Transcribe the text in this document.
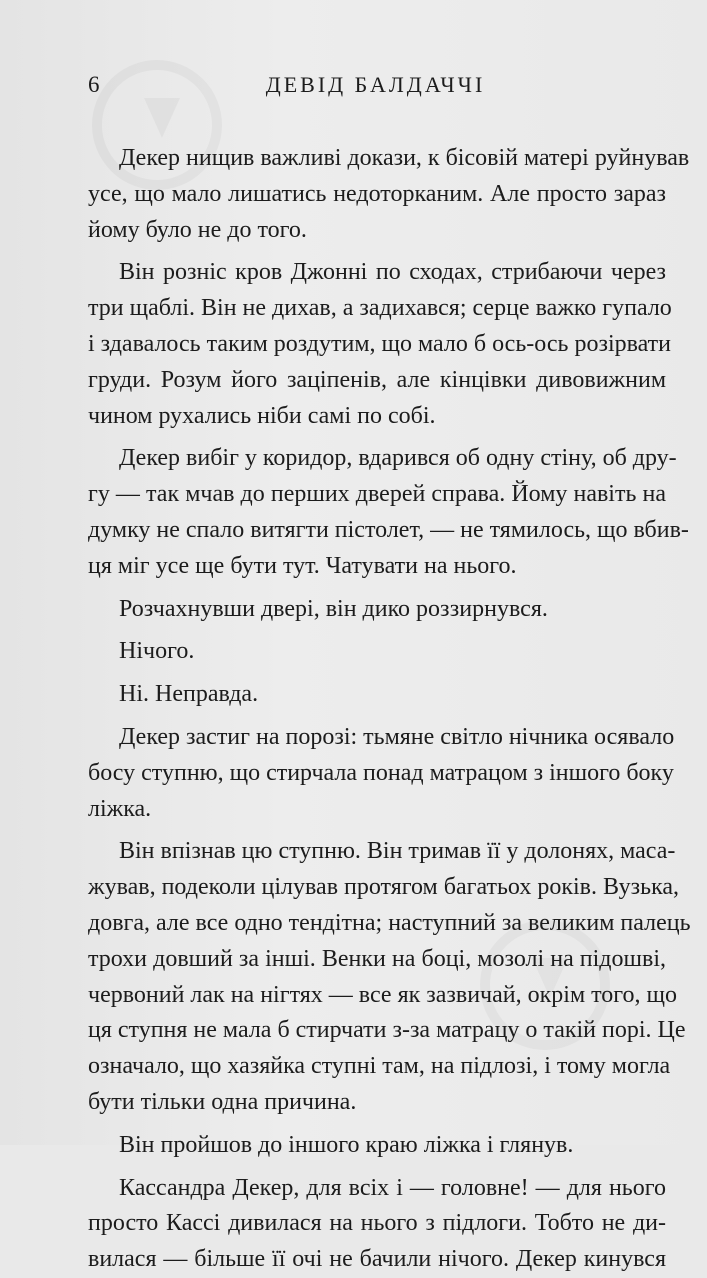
6	ДЕВІД БАЛДАЧЧІ
Декер нищив важливі докази, к бісовій матері руйнував
усе, що мало лишатись недоторканим. Але просто зараз
йому було не до того.
Він розніс кров Джонні по сходах, стрибаючи через
три щаблі. Він не дихав, а задихався; серце важко гупало
і здавалось таким роздутим, що мало б ось-ось розірвати
груди. Розум його заціпенів, але кінцівки дивовижним
чином рухались ніби самі по собі.
Декер вибіг у коридор, вдарився об одну стіну, об дру-
гу — так мчав до перших дверей справа. Йому навіть на
думку не спало витягти пістолет, — не тямилось, що вбив-
ця міг усе ще бути тут. Чатувати на нього.
Розчахнувши двері, він дико роззирнувся.
Нічого.
Ні. Неправда.
Декер застиг на порозі: тьмяне світло нічника осявало
босу ступню, що стирчала понад матрацом з іншого боку
ліжка.
Він впізнав цю ступню. Він тримав її у долонях, маса-
жував, подеколи цілував протягом багатьох років. Вузька,
довга, але все одно тендітна; наступний за великим палець
трохи довший за інші. Венки на боці, мозолі на підошві,
червоний лак на нігтях — все як зазвичай, окрім того, що
ця ступня не мала б стирчати з-за матрацу о такій порі. Це
означало, що хазяйка ступні там, на підлозі, і тому могла
бути тільки одна причина.
Він пройшов до іншого краю ліжка і глянув.
Кассандра Декер, для всіх і — головне! — для нього
просто Кассі дивилася на нього з підлоги. Тобто не ди-
вилася — більше її очі не бачили нічого. Декер кинувся
